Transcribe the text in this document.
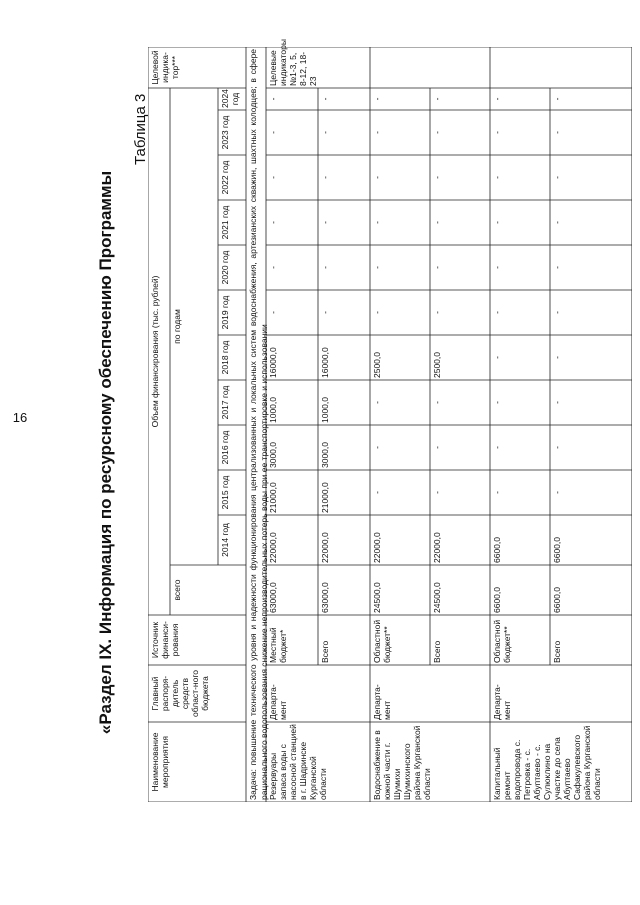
16	«Раздел IX. Информация по ресурсному обеспечению Программы
Таблица 3
Наименование мероприятия
Главный распоря-дитель средств област-ного бюджета
Источник финанси-рования
Объем финансирования (тыс. рублей)
всего
по годам
Целевой индика-тор***
2014 год
2015 год
2016 год
2017 год
2018 год
2019 год
2020 год
2021 год
2022 год
2023 год
2024 год Задача: повышение технического уровня и надежности функционирования централизованных и локальных систем водоснабжения, артезианских скважин, шахтных колодцев; в сфере рационального водопользования снижение непроизводительных потерь воды при ее транспортировке и использовании Резервуары запаса воды с насосной станцией в г. Шадринске Курганской области
Департа-мент
Целевые индикаторы №1-3, 5, 8-12, 18-23
Местный бюджет*
63000,0
22000,0
21000,0
3000,0
1000,0
16000,0
-
-
-
-
-
-
Всего
63000,0
22000,0
21000,0
3000,0
1000,0
16000,0
-
-
-
-
-
-
Водоснабжение в южной части г. Шумихи Шумихинского района Курганской области
Департа-мент
Областной бюджет**
24500,0
22000,0
-
-
-
2500,0
-
-
-
-
-
-
Всего
24500,0
22000,0
-
-
-
2500,0
-
-
-
-
-
-
Капитальный ремонт водопровода с. Петровка - с. Абуптаево - с. Сулюклино на участке до села Абуптаево Сафакулевского района Курганской области
Департа-мент
Областной бюджет**
6600,0
6600,0
-
-
-
-
-
-
-
-
-
-
Всего
6600,0
6600,0
-
-
-
-
-
-
-
-
-
-
